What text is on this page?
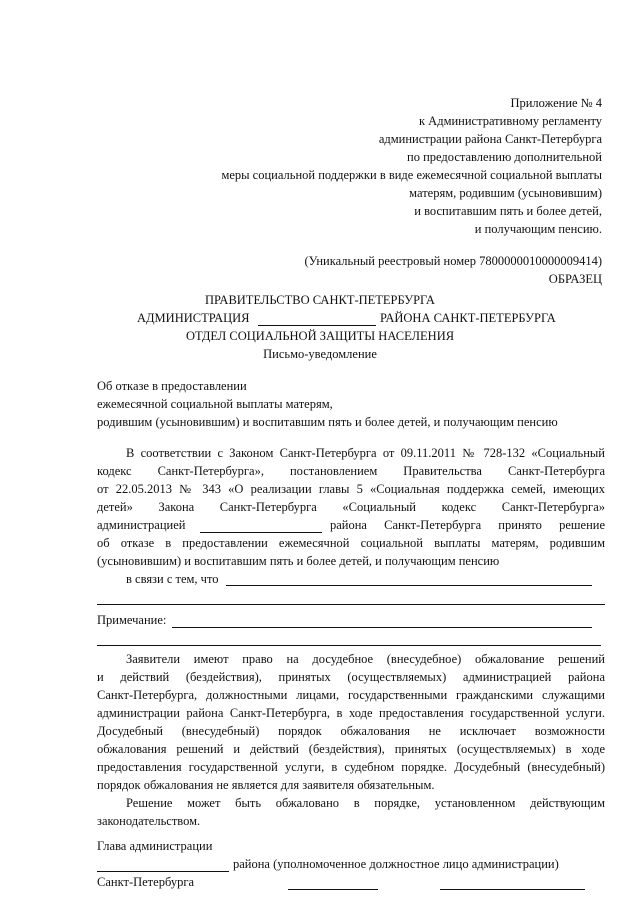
Приложение № 4
к Административному регламенту
администрации района Санкт-Петербурга
по предоставлению дополнительной
меры социальной поддержки в виде ежемесячной социальной выплаты
матерям, родившим (усыновившим)
и воспитавшим пять и более детей,
и получающим пенсию.
(Уникальный реестровый номер 7800000010000009414)
ОБРАЗЕЦ
ПРАВИТЕЛЬСТВО САНКТ-ПЕТЕРБУРГА
АДМИНИСТРАЦИЯ	РАЙОНА САНКТ-ПЕТЕРБУРГА
ОТДЕЛ СОЦИАЛЬНОЙ ЗАЩИТЫ НАСЕЛЕНИЯ
Письмо-уведомление
Об отказе в предоставлении
ежемесячной социальной выплаты матерям,
родившим (усыновившим) и воспитавшим пять и более детей, и получающим пенсию
В соответствии с Законом Санкт-Петербурга от 09.11.2011 № 728-132 «Социальный
кодекс Санкт-Петербурга», постановлением Правительства Санкт-Петербурга
от 22.05.2013 № 343 «О реализации главы 5 «Социальная поддержка семей, имеющих
детей» Закона Санкт-Петербурга «Социальный кодекс Санкт-Петербурга»
администрацией	района Санкт-Петербурга принято решение
об отказе в предоставлении ежемесячной социальной выплаты матерям, родившим
(усыновившим) и воспитавшим пять и более детей, и получающим пенсию
в связи с тем, что
Примечание:
Заявители имеют право на досудебное (внесудебное) обжалование решений
и действий (бездействия), принятых (осуществляемых) администрацией района
Санкт-Петербурга, должностными лицами, государственными гражданскими служащими
администрации района Санкт-Петербурга, в ходе предоставления государственной услуги.
Досудебный (внесудебный) порядок обжалования не исключает возможности
обжалования решений и действий (бездействия), принятых (осуществляемых) в ходе
предоставления государственной услуги, в судебном порядке. Досудебный (внесудебный)
порядок обжалования не является для заявителя обязательным.
Решение может быть обжаловано в порядке, установленном действующим
законодательством.
Глава администрации
района (уполномоченное должностное лицо администрации)
Санкт-Петербурга
